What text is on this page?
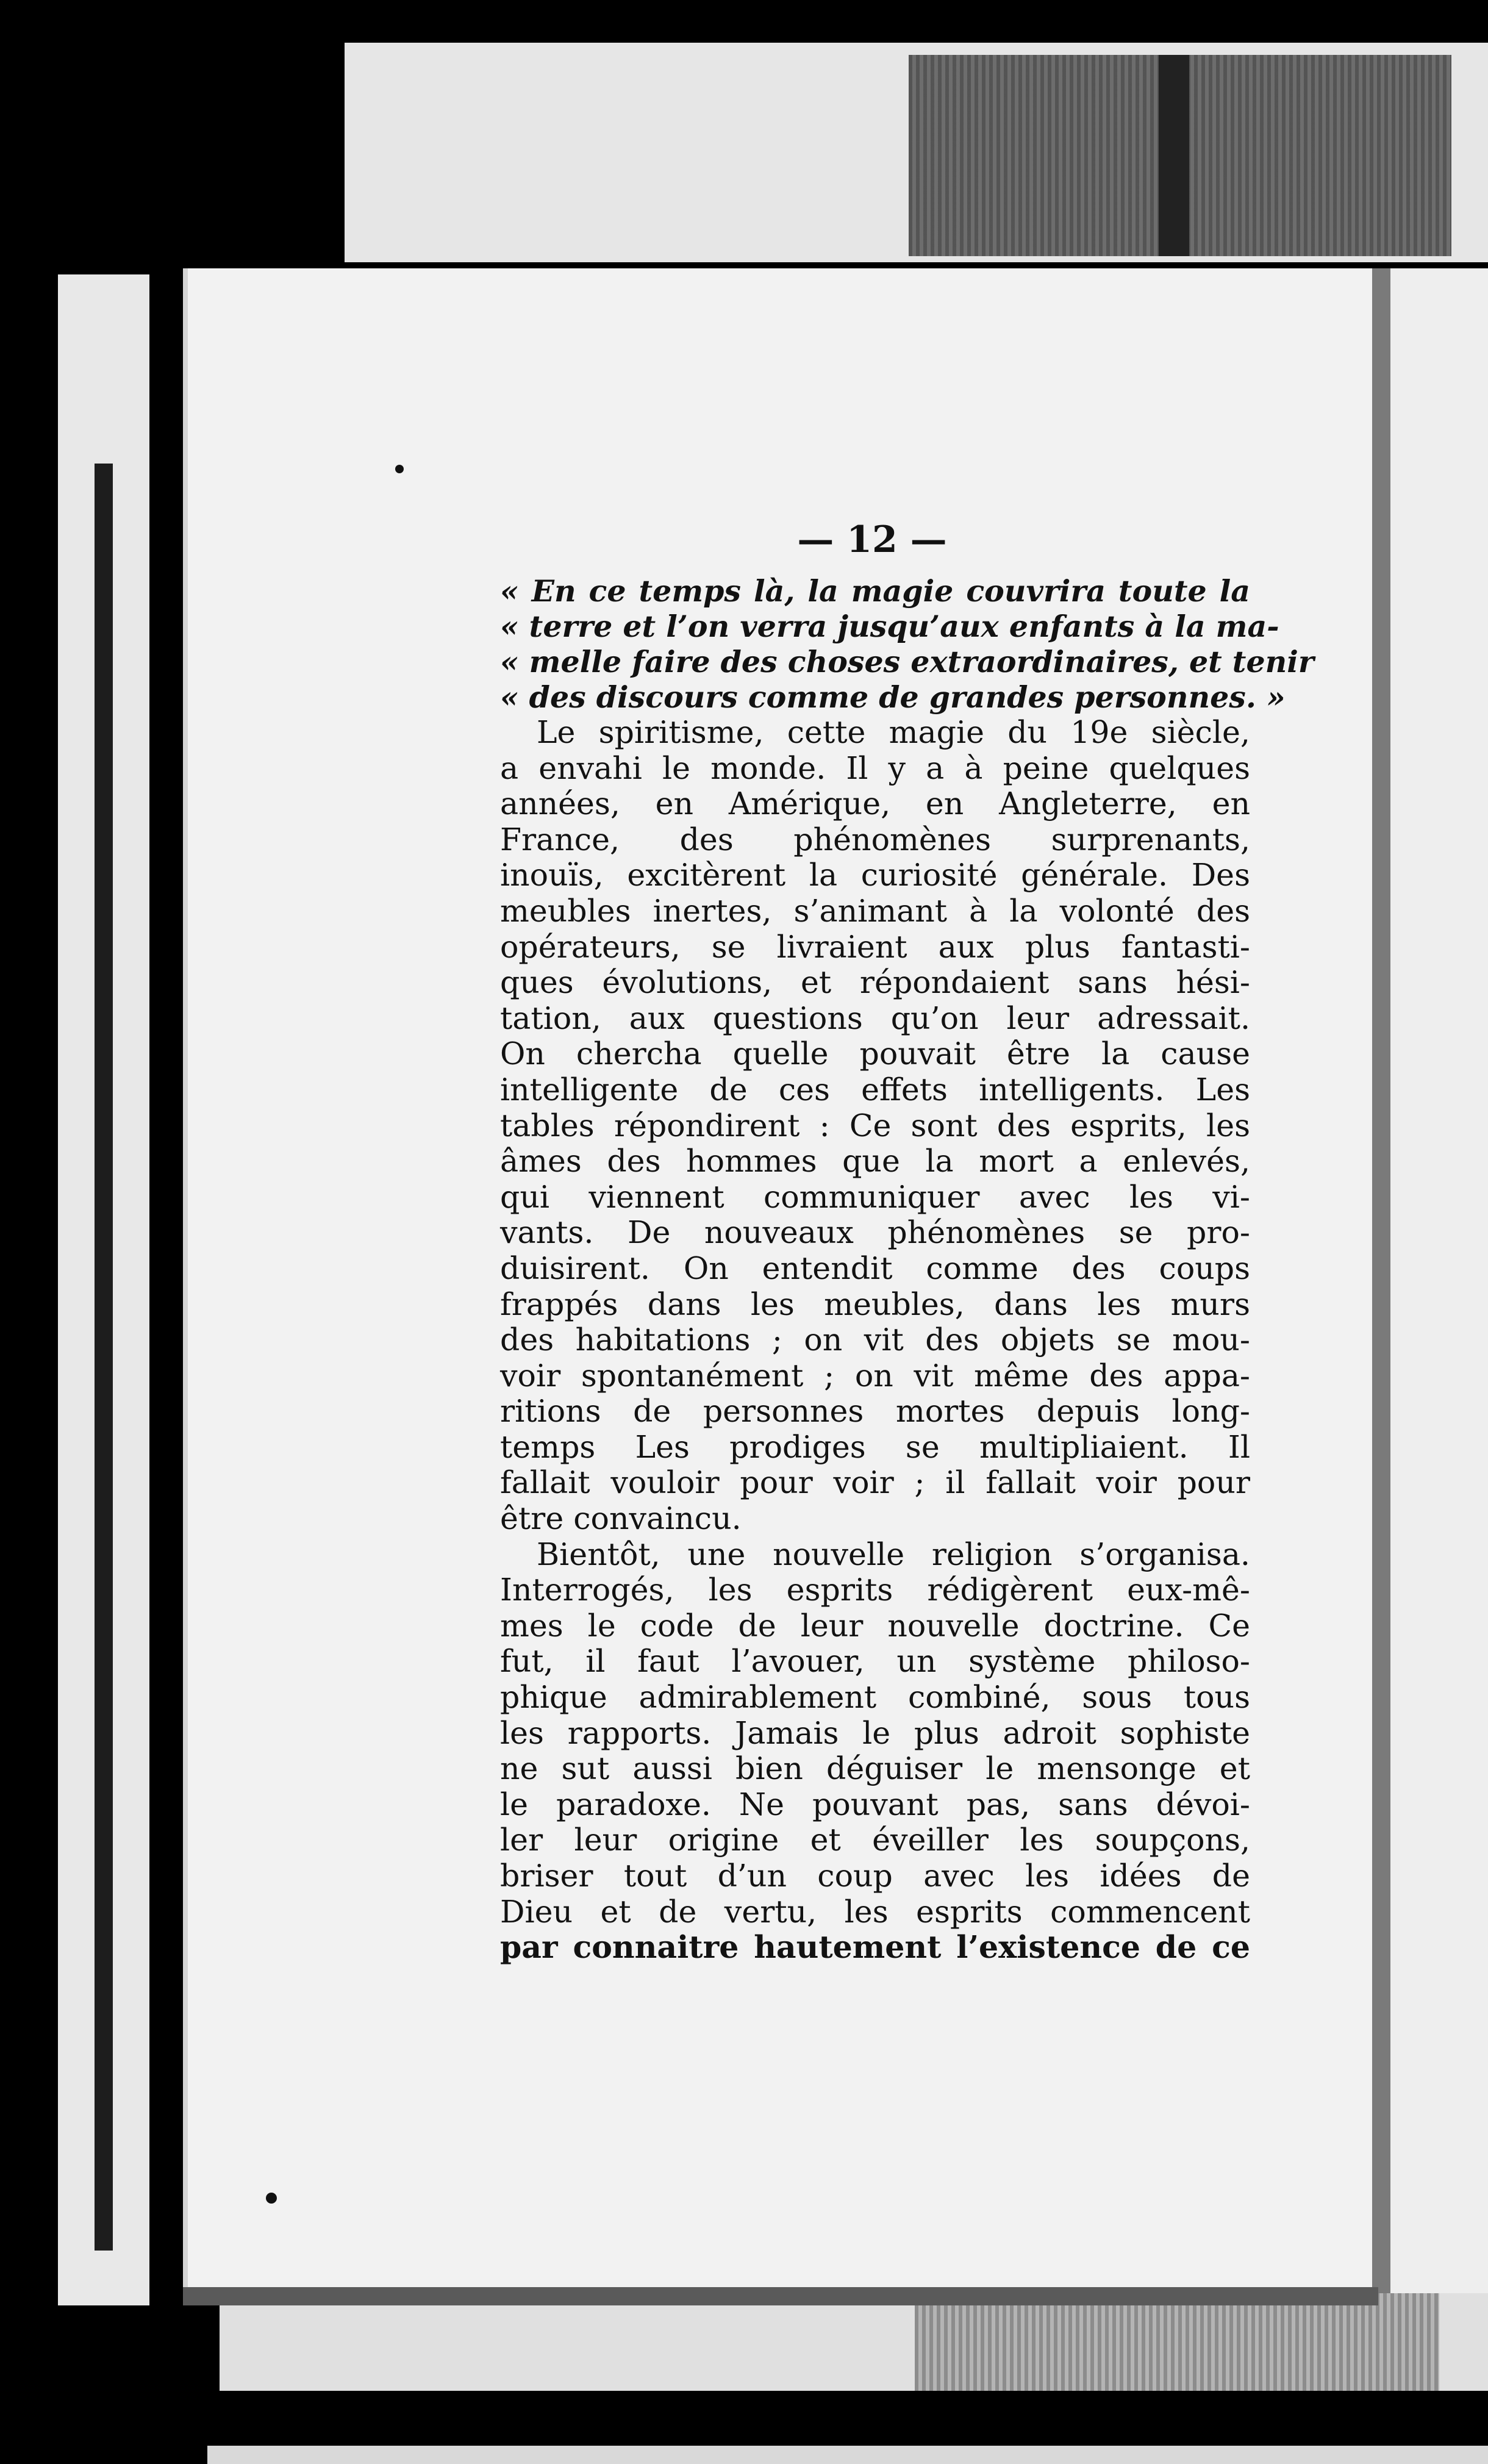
— 12 —
« En ce temps là, la magie couvrira toute la
« terre et l’on verra jusqu’aux enfants à la ma-
« melle faire des choses extraordinaires, et tenir
« des discours comme de grandes personnes. »
Le spiritisme, cette magie du 19e siècle,
a envahi le monde. Il y a à peine quelques
années, en Amérique, en Angleterre, en
France, des phénomènes surprenants,
inouïs, excitèrent la curiosité générale. Des
meubles inertes, s’animant à la volonté des
opérateurs, se livraient aux plus fantasti-
ques évolutions, et répondaient sans hési-
tation, aux questions qu’on leur adressait.
On chercha quelle pouvait être la cause
intelligente de ces effets intelligents. Les
tables répondirent : Ce sont des esprits, les
âmes des hommes que la mort a enlevés,
qui viennent communiquer avec les vi-
vants. De nouveaux phénomènes se pro-
duisirent. On entendit comme des coups
frappés dans les meubles, dans les murs
des habitations ; on vit des objets se mou-
voir spontanément ; on vit même des appa-
ritions de personnes mortes depuis long-
temps Les prodiges se multipliaient. Il
fallait vouloir pour voir ; il fallait voir pour
être convaincu.
Bientôt, une nouvelle religion s’organisa.
Interrogés, les esprits rédigèrent eux-mê-
mes le code de leur nouvelle doctrine. Ce
fut, il faut l’avouer, un système philoso-
phique admirablement combiné, sous tous
les rapports. Jamais le plus adroit sophiste
ne sut aussi bien déguiser le mensonge et
le paradoxe. Ne pouvant pas, sans dévoi-
ler leur origine et éveiller les soupçons,
briser tout d’un coup avec les idées de
Dieu et de vertu, les esprits commencent
par connaitre hautement l’existence de ce
